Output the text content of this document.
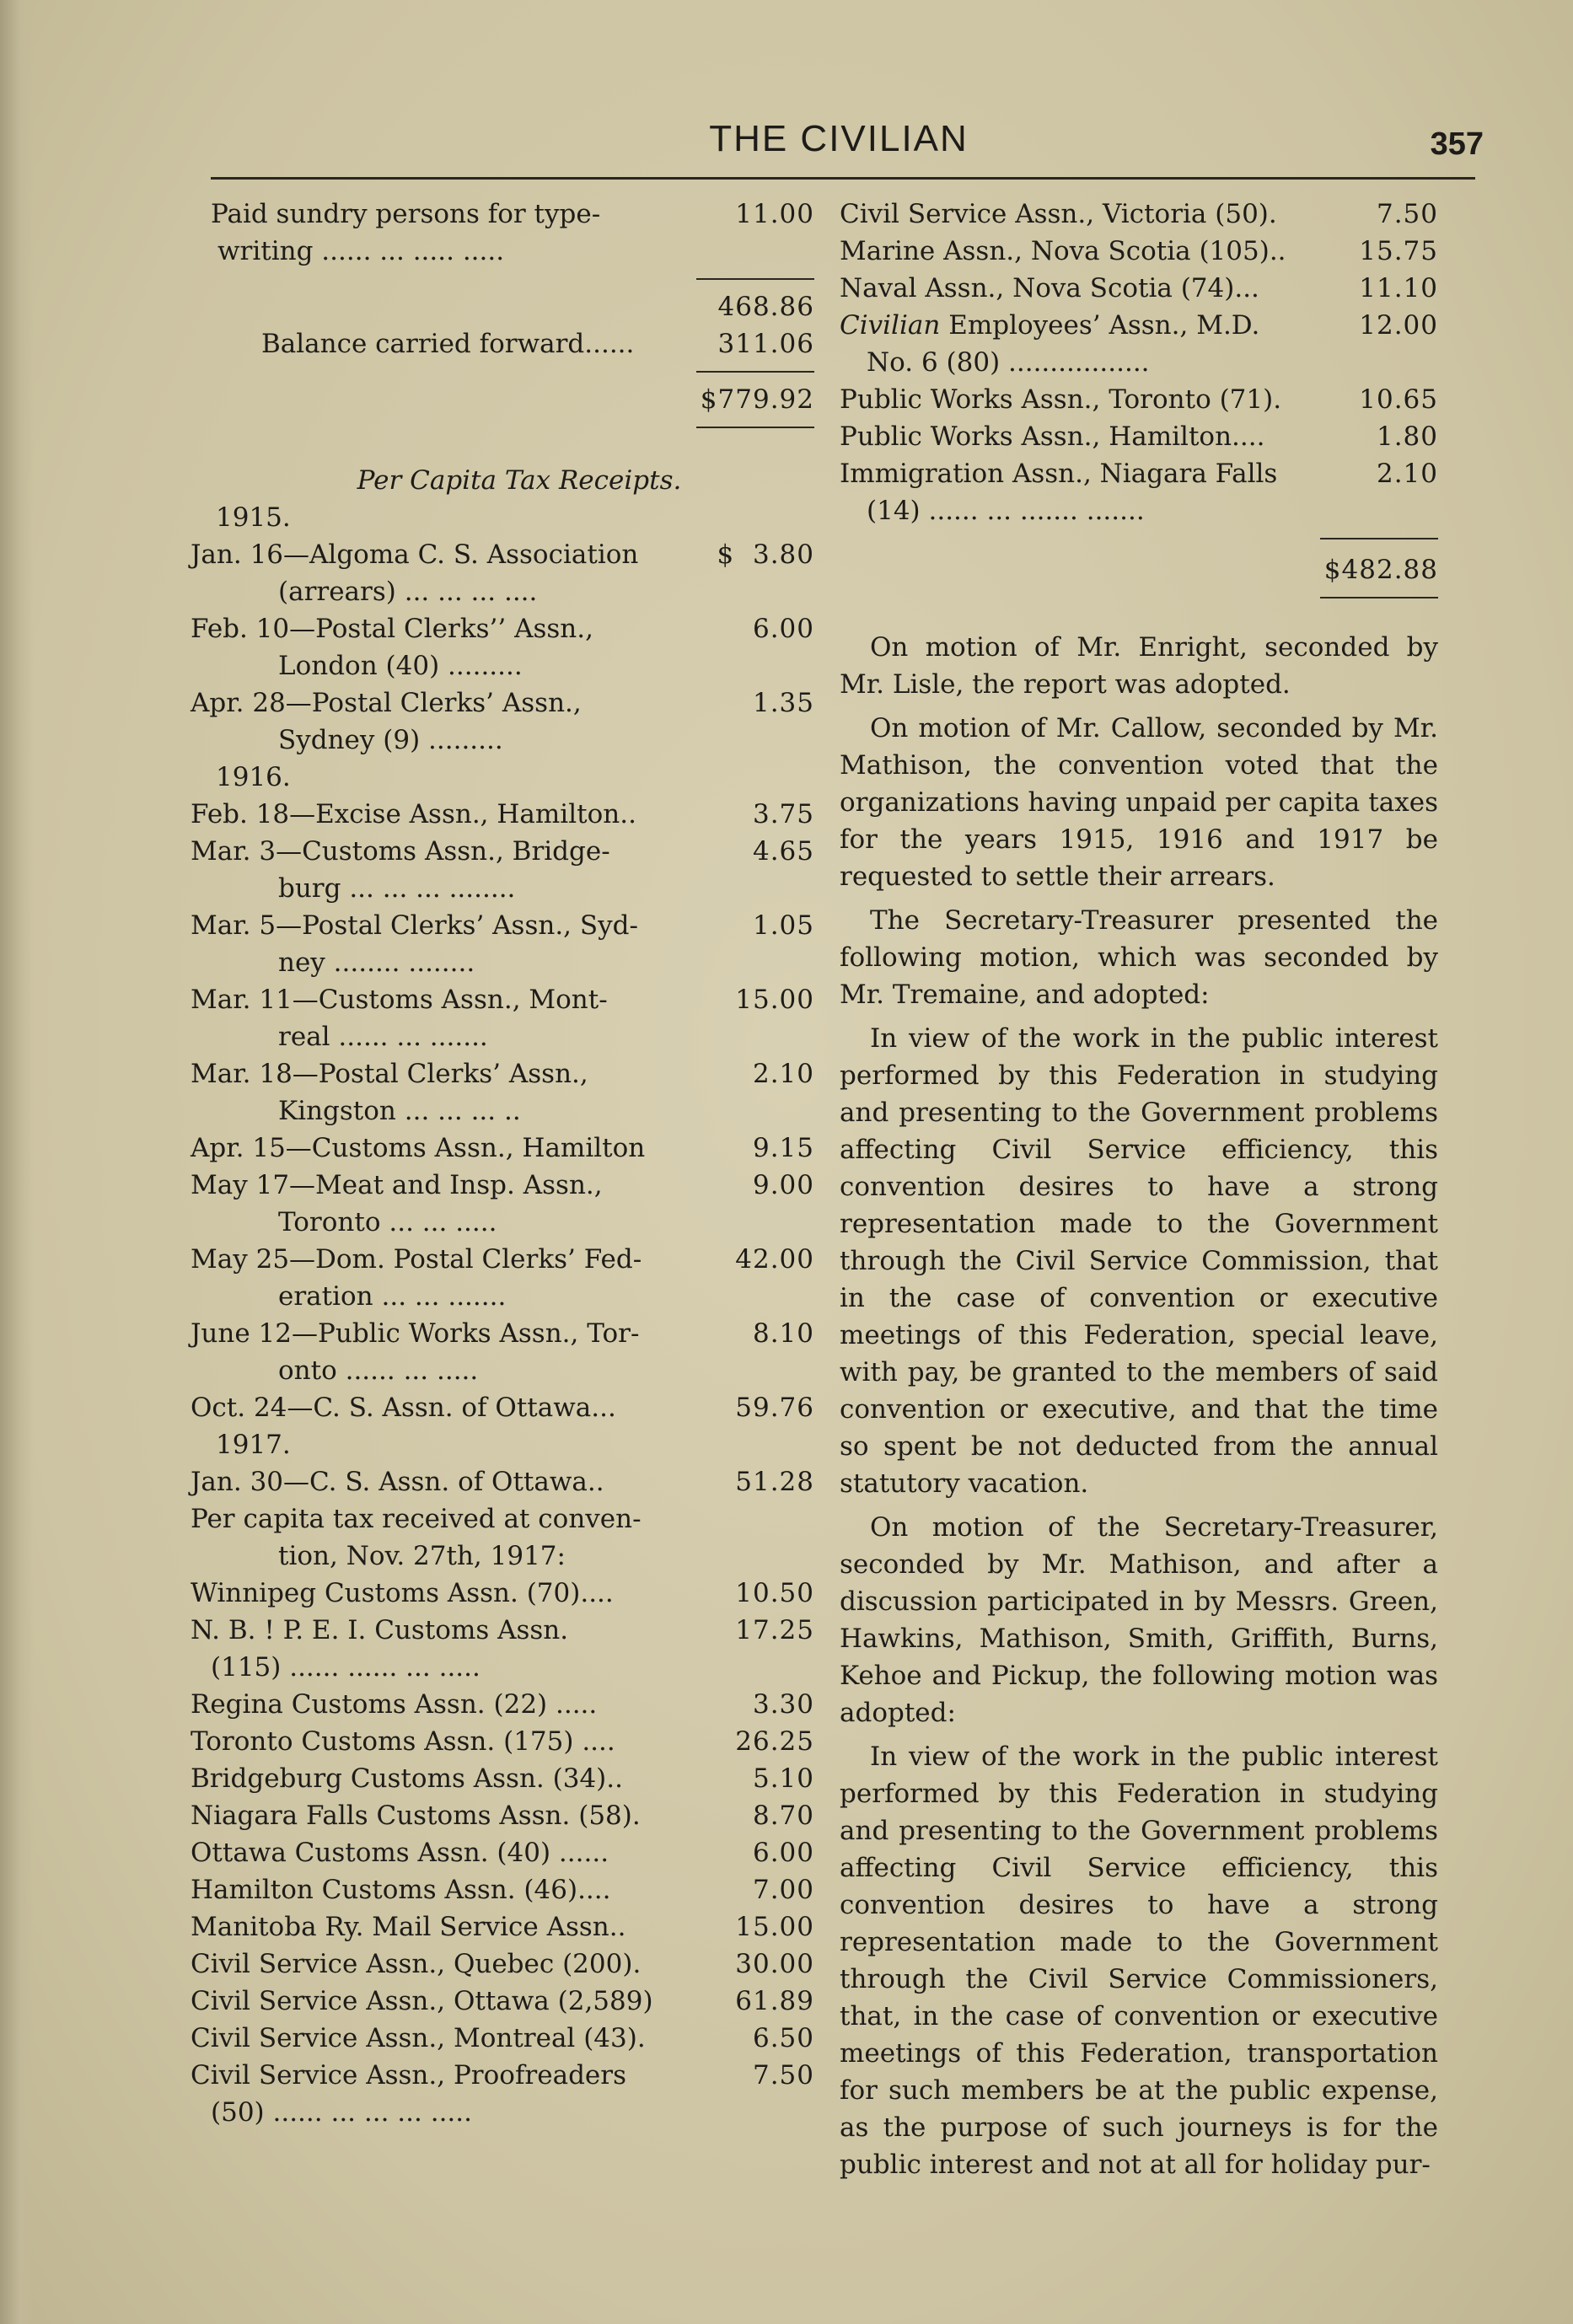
THE CIVILIAN	357
Paid sundry persons for type-
writing ...... ... ..... .....
11.00
468.86
Balance carried forward......	311.06
$779.92
Per Capita Tax Receipts.
1915.
Jan. 16—Algoma C. S. Association
(arrears) ... ... ... ....
$ 3.80
Feb. 10—Postal Clerks’’ Assn.,
London (40) .........
6.00
Apr. 28—Postal Clerks’ Assn.,
Sydney (9) .........
1.35
1916.
Feb. 18—Excise Assn., Hamilton..	3.75
Mar. 3—Customs Assn., Bridge-
burg ... ... ... ........
4.65
Mar. 5—Postal Clerks’ Assn., Syd-
ney ........ ........
1.05
Mar. 11—Customs Assn., Mont-
real ...... ... .......
15.00
Mar. 18—Postal Clerks’ Assn.,
Kingston ... ... ... ..
2.10
Apr. 15—Customs Assn., Hamilton	9.15
May 17—Meat and Insp. Assn.,
Toronto ... ... .....
9.00
May 25—Dom. Postal Clerks’ Fed-
eration ... ... .......
42.00
June 12—Public Works Assn., Tor-
onto ...... ... .....
8.10
Oct. 24—C. S. Assn. of Ottawa...	59.76
1917.
Jan. 30—C. S. Assn. of Ottawa..	51.28
Per capita tax received at conven-
tion, Nov. 27th, 1917:
Winnipeg Customs Assn. (70)....	10.50
N. B. ! P. E. I. Customs Assn.
(115) ...... ...... ... .....
17.25
Regina Customs Assn. (22) .....	3.30
Toronto Customs Assn. (175) ....	26.25
Bridgeburg Customs Assn. (34)..	5.10
Niagara Falls Customs Assn. (58).	8.70
Ottawa Customs Assn. (40) ......	6.00
Hamilton Customs Assn. (46)....	7.00
Manitoba Ry. Mail Service Assn..	15.00
Civil Service Assn., Quebec (200).	30.00
Civil Service Assn., Ottawa (2,589)	61.89
Civil Service Assn., Montreal (43).	6.50
Civil Service Assn., Proofreaders
(50) ...... ... ... ... .....
7.50
Civil Service Assn., Victoria (50).	7.50
Marine Assn., Nova Scotia (105)..	15.75
Naval Assn., Nova Scotia (74)...	11.10
Civilian Employees’ Assn., M.D.
No. 6 (80) .................
12.00
Public Works Assn., Toronto (71).	10.65
Public Works Assn., Hamilton....	1.80
Immigration Assn., Niagara Falls
(14) ...... ... ....... .......
2.10
$482.88

On motion of Mr. Enright, seconded by Mr. Lisle, the report was adopted.

On motion of Mr. Callow, seconded by Mr. Mathison, the convention voted that the organizations having unpaid per capita taxes for the years 1915, 1916 and 1917 be requested to settle their arrears.

The Secretary-Treasurer presented the following motion, which was seconded by Mr. Tremaine, and adopted:

In view of the work in the public interest performed by this Federation in studying and presenting to the Government problems affecting Civil Service efficiency, this convention desires to have a strong representation made to the Government through the Civil Service Commission, that in the case of convention or executive meetings of this Federation, special leave, with pay, be granted to the members of said convention or executive, and that the time so spent be not deducted from the annual statutory vacation.

On motion of the Secretary-Treasurer, seconded by Mr. Mathison, and after a discussion participated in by Messrs. Green, Hawkins, Mathison, Smith, Griffith, Burns, Kehoe and Pickup, the following motion was adopted:

In view of the work in the public interest performed by this Federation in studying and presenting to the Government problems affecting Civil Service efficiency, this convention desires to have a strong representation made to the Government through the Civil Service Commissioners, that, in the case of convention or executive meetings of this Federation, transportation for such members be at the public expense, as the purpose of such journeys is for the public interest and not at all for holiday pur-
